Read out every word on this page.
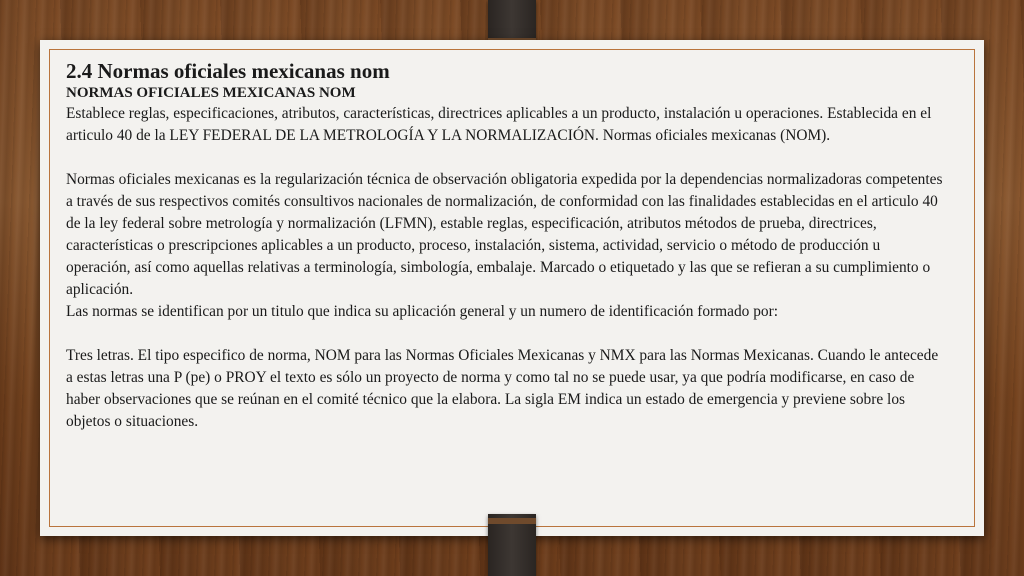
2.4 Normas oficiales mexicanas nom

NORMAS OFICIALES MEXICANAS NOM

Establece reglas, especificaciones, atributos, características, directrices aplicables a un producto, instalación u operaciones. Establecida en el articulo 40 de la LEY FEDERAL DE LA METROLOGÍA Y LA NORMALIZACIÓN. Normas oficiales mexicanas (NOM).

Normas oficiales mexicanas es la regularización técnica de observación obligatoria expedida por la dependencias normalizadoras competentes a través de sus respectivos comités consultivos nacionales de normalización, de conformidad con las finalidades establecidas en el articulo 40 de la ley federal sobre metrología y normalización (LFMN), estable reglas, especificación, atributos métodos de prueba, directrices, características o prescripciones aplicables a un producto, proceso, instalación, sistema, actividad, servicio o método de producción u operación, así como aquellas relativas a terminología, simbología, embalaje. Marcado o etiquetado y las que se refieran a su cumplimiento o aplicación.

Las normas se identifican por un titulo que indica su aplicación general y un numero de identificación formado por:

Tres letras. El tipo especifico de norma, NOM para las Normas Oficiales Mexicanas y NMX para las Normas Mexicanas. Cuando le antecede a estas letras una P (pe) o PROY el texto es sólo un proyecto de norma y como tal no se puede usar, ya que podría modificarse, en caso de haber observaciones que se reúnan en el comité técnico que la elabora. La sigla EM indica un estado de emergencia y previene sobre los objetos o situaciones.
